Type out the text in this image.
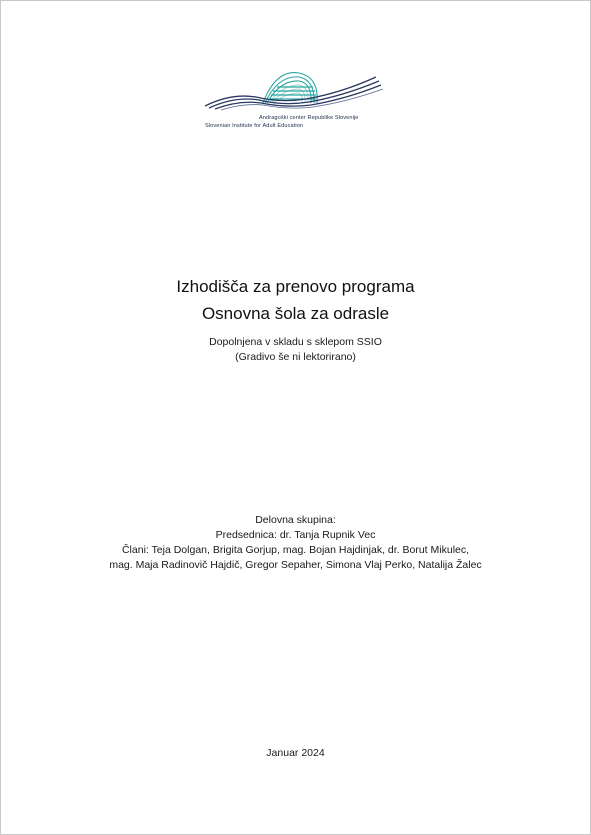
Andragoški center Republike Slovenije
Slovenian Institute for Adult Education
Izhodišča za prenovo programa
Osnovna šola za odrasle
Dopolnjena v skladu s sklepom SSIO
(Gradivo še ni lektorirano)
Delovna skupina:
Predsednica: dr. Tanja Rupnik Vec
Člani: Teja Dolgan, Brigita Gorjup, mag. Bojan Hajdinjak, dr. Borut Mikulec,
mag. Maja Radinovič Hajdič, Gregor Sepaher, Simona Vlaj Perko, Natalija Žalec
Januar 2024
